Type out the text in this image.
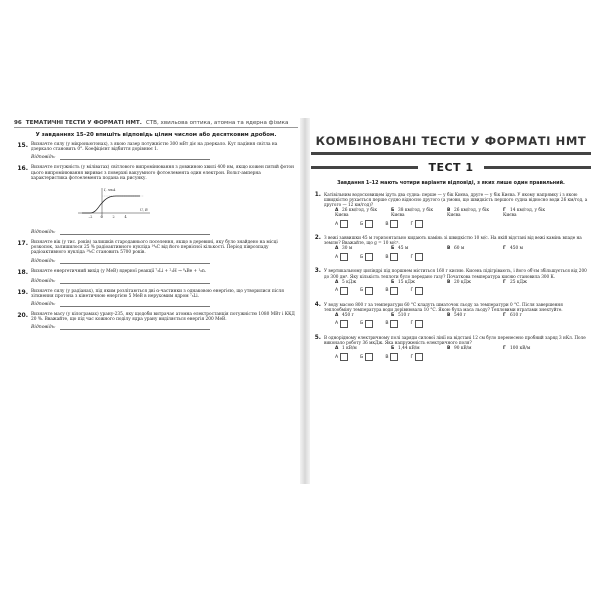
96 ТЕМАТИЧНІ ТЕСТИ У ФОРМАТІ НМТ. СТВ, хвильова оптика, атомна та ядерна фізика
У завданнях 15–20 впишіть відповідь цілим числом або десятковим дробом.
15. Визначте силу (у мікроньютонах), з якою лазер потужністю 300 мВт діє на дзеркало. Кут падіння світла на дзеркало становить 0°. Коефіцієнт відбиття дорівнює 1.
Відповідь:
16. Визначте потужність (у міліватах) світлового випромінювання з довжиною хвилі 400 нм, якщо кожен пятий фотон цього випромінювання вириває з поверхні вакуумного фотоелемента один електрон. Вольт-амперна характеристика фотоелемента подана на рисунку.
I, мкА
U, В
–2 0	2	4
Відповідь:
17. Визначте вік (у тис. років) залишків стародавнього поселення, якщо в деревині, яку було знайдено на місці розкопок, залишилося 25 % радіоактивного нукліда ¹⁴₆C від його первісної кількості. Період піврозпаду радіоактивного нукліда ¹⁴₆C становить 5700 років.
Відповідь:
18. Визначте енергетичний вихід (у МеВ) ядерної реакції ⁷₃Li + ²₁H → ⁸₄Be + ¹₀n.
Відповідь:
19. Визначте силу (у радіанах), під яким розлітаються дві α-частинки з однаковою енергією, що утворилися після зіткнення протона з кінетичною енергією 5 МеВ в нерухомим ядром ⁷₃Li.
Відповідь:
20. Визначте масу (у кілограмах) урану-235, яку щодоби витрачає атомна електростанція потужністю 1080 МВт і ККД 20 %. Вважайте, що під час кожного поділу ядра урану виділяється енергія 200 МеВ.
Відповідь:
КОМБІНОВАНІ ТЕСТИ У ФОРМАТІ НМТ
ТЕСТ 1
Завдання 1–12 мають чотири варіанти відповіді, з яких лише один правильний.
1. Катівільним водосховищем ідуть два судна: перше — у бік Києва, друге — у бік Києва. У якому напрямку і з якою швидкістю рухається перше судно відносно другого (а умови, що швидкість першого судна відносно води 26 км/год, а другого — 12 км/год)?
А 26 км/год, у бік Києва
Б 38 км/год, у бік Києва
В 26 км/год, у бік Києва
Г 14 км/год, у бік Києва
А	Б	В	Г
2. З вежі заввишки 45 м горизонтально кидають камінь зі швидкістю 10 м/с. На якій відстані від вежі камінь впаде на землю? Вважайте, що g = 10 м/с².
А 30 м	Б 45 м	В 60 м	Г 450 м
А	Б	В	Г
3. У вертикальному циліндрі під поршнем міститься 160 г кисню. Кисень підігрівають, і його об'єм збільшується від 200 до 300 дм³. Яку кількість теплоти було передано газу? Початкова температура кисню становила 300 К.
А 5 кДж	Б 15 кДж	В 20 кДж	Г 25 кДж
А	Б	В	Г
4. У воду масою 800 г за температури 60 °С кладуть шматочок льоду за температури 0 °С. Після завершення теплообміну температура води дорівнювала 10 °С. Якою була маса льоду? Тепловими втратами знехтуйте.
А 450 г	Б 510 г	В 540 г	Г 610 г
А	Б	В	Г
5. В однорідному електричному полі заряди силової лінії на відстані 12 см було перенесено пробний заряд 3 нКл. Поле виконало роботу 36 мкДж. Яка напруженість електричного поля?
А 1 кВ/м	Б 1,44 кВ/м	В 90 кВ/м	Г 100 кВ/м
А	Б	В	Г
